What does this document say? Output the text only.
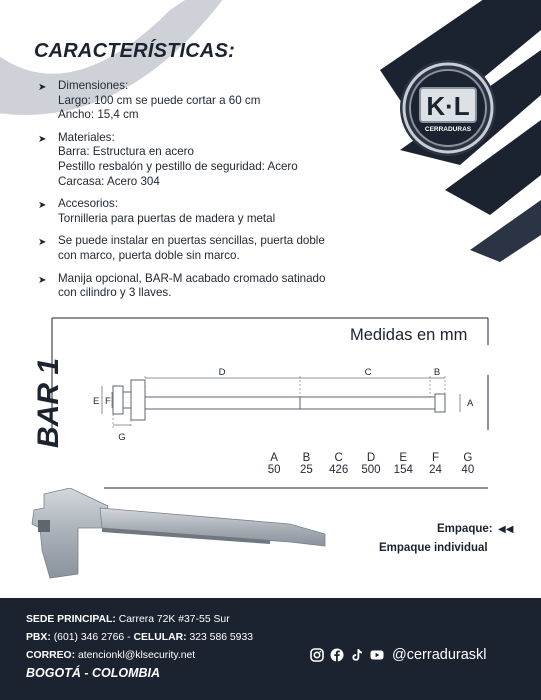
CARACTERÍSTICAS:
➤ Dimensiones:
Largo: 100 cm se puede cortar a 60 cm
Ancho: 15,4 cm
➤ Materiales:
Barra: Estructura en acero
Pestillo resbalón y pestillo de seguridad: Acero
Carcasa: Acero 304
➤ Accesorios:
Tornilleria para puertas de madera y metal
➤ Se puede instalar en puertas sencillas, puerta doble
con marco, puerta doble sin marco.
➤ Manija opcional, BAR-M acabado cromado satinado
con cilindro y 3 llaves.
K·L
CERRADURAS
BAR 1
Medidas en mm
D	C	B
A
E F
G
A	B	C	D	E	F	G
50	25	426	500	154	24	40
Empaque: ◀◀
Empaque individual
SEDE PRINCIPAL: Carrera 72K #37-55 Sur
PBX: (601) 346 2766 - CELULAR: 323 586 5933
CORREO: atencionkl@klsecurity.net
BOGOTÁ - COLOMBIA
@cerraduraskl
